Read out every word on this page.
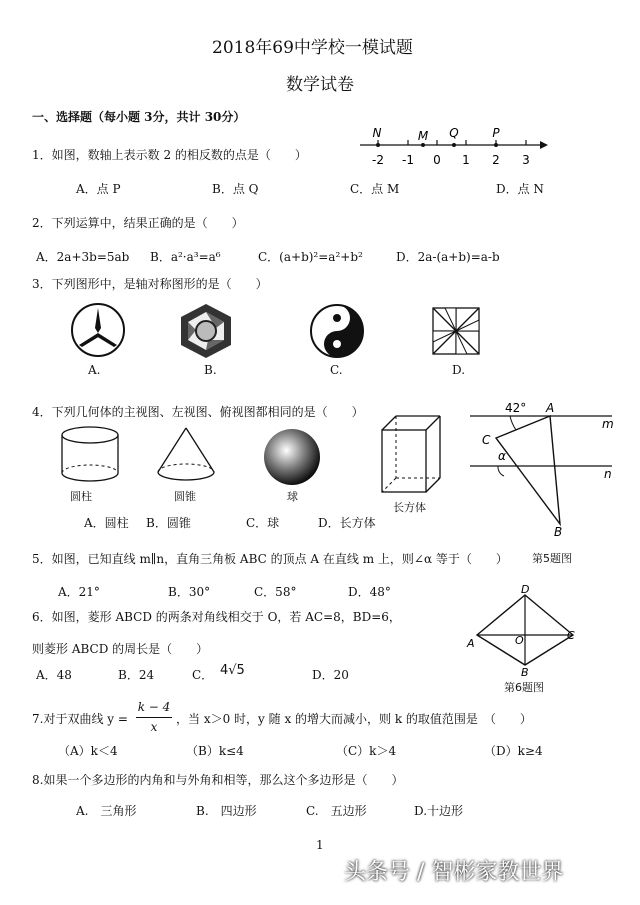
2018年69中学校一模试题
数学试卷
一、选择题（每小题 3分，共计 30分）
1．如图，数轴上表示数 2 的相反数的点是（　　）
A．点 P	B．点 Q	C．点 M	D．点 N
-2 -1 0 1 2 3
N	M Q	P
2．下列运算中，结果正确的是（　　）
A．2a+3b=5ab B．a²·a³=a⁶	C．(a+b)²=a²+b²	D．2a-(a+b)=a-b
3．下列图形中，是轴对称图形的是（　　）
A.	B.	C.	D.
4．下列几何体的主视图、左视图、俯视图都相同的是（　　）
圆柱	圆锥	球
长方体
A．圆柱 B．圆锥	C．球	D．长方体
42° A
m
C
α
n
B
5．如图，已知直线 m∥n，直角三角板 ABC 的顶点 A 在直线 m 上，则∠α 等于（　　） 第5题图
A．21°	B．30°	C．58°	D．48°
6．如图，菱形 ABCD 的两条对角线相交于 O，若 AC=8，BD=6，
则菱形 ABCD 的周长是（　　）
A．48	B．24	C． 4√5	D．20
D
A	O	C
B
第6题图
7.对于双曲线 y =
k − 4
x
，当 x＞0 时，y 随 x 的增大而减小，则 k 的取值范围是　（　　）
（A）k＜4	（B）k≤4	（C）k＞4	（D）k≥4
8.如果一个多边形的内角和与外角和相等，那么这个多边形是（　　）
A.　三角形	B.　四边形	C.　五边形	D.十边形
1
头条号 / 智彬家教世界
